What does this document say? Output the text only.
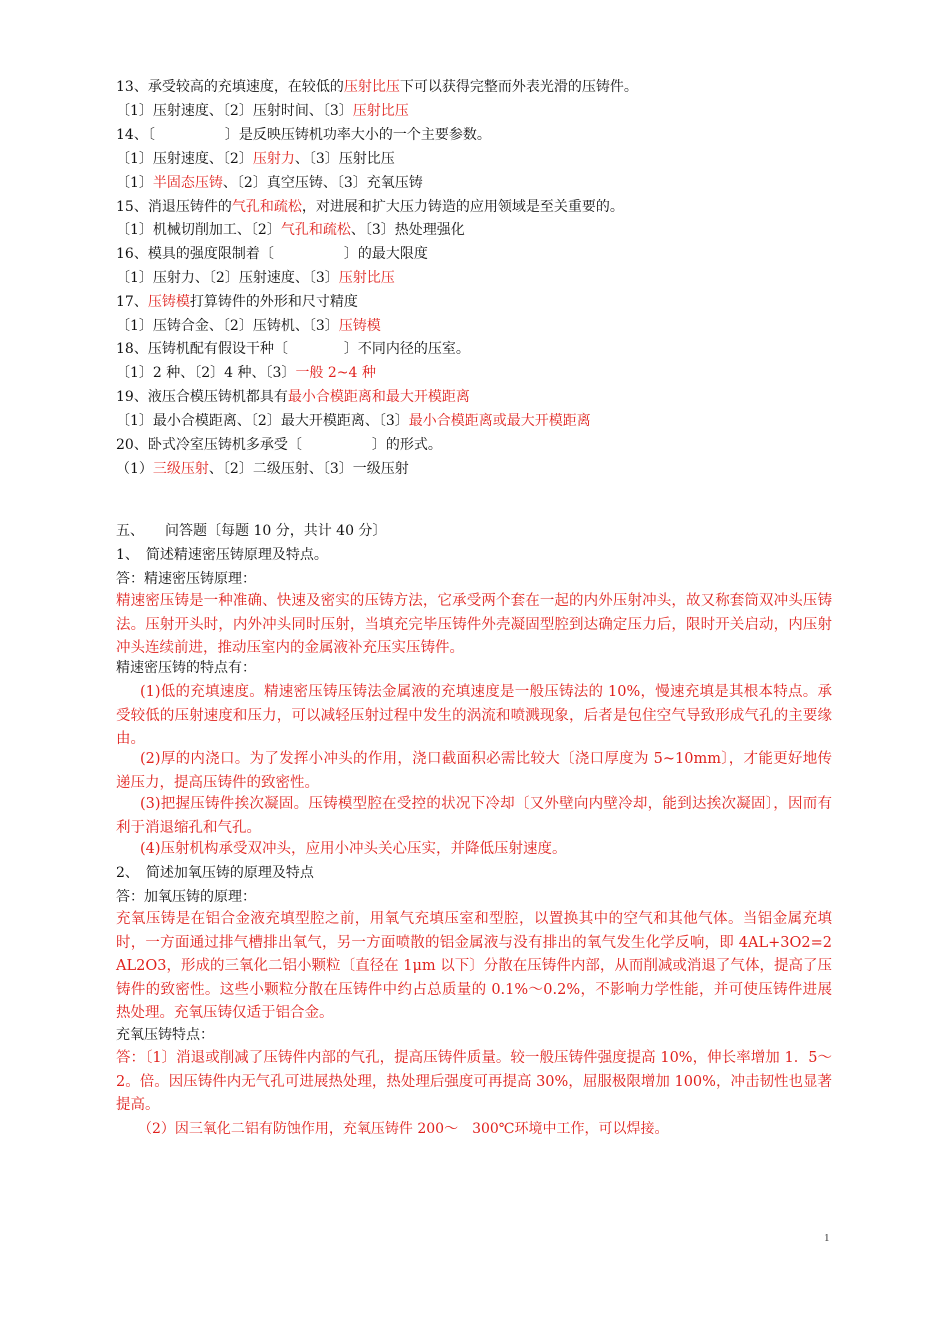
13、承受较高的充填速度，在较低的压射比压下可以获得完整而外表光滑的压铸件。
〔1〕压射速度、〔2〕压射时间、〔3〕压射比压
14、〔　　　　　〕是反映压铸机功率大小的一个主要参数。
〔1〕压射速度、〔2〕压射力、〔3〕压射比压
〔1〕半固态压铸、〔2〕真空压铸、〔3〕充氧压铸
15、消退压铸件的气孔和疏松，对进展和扩大压力铸造的应用领域是至关重要的。
〔1〕机械切削加工、〔2〕气孔和疏松、〔3〕热处理强化
16、模具的强度限制着〔　　　　　〕的最大限度
〔1〕压射力、〔2〕压射速度、〔3〕压射比压
17、压铸模打算铸件的外形和尺寸精度
〔1〕压铸合金、〔2〕压铸机、〔3〕压铸模
18、压铸机配有假设干种〔　　　　〕不同内径的压室。
〔1〕2 种、〔2〕4 种、〔3〕一般 2~4 种
19、液压合模压铸机都具有最小合模距离和最大开模距离
〔1〕最小合模距离、〔2〕最大开模距离、〔3〕最小合模距离或最大开模距离
20、卧式冷室压铸机多承受〔　　　　　〕的形式。
（1）三级压射、〔2〕二级压射、〔3〕一级压射
五、　　问答题〔每题 10 分，共计 40 分〕
1、　简述精速密压铸原理及特点。
答：精速密压铸原理：
精速密压铸是一种准确、快速及密实的压铸方法，它承受两个套在一起的内外压射冲头，故又称套筒双冲头压铸法。压射开头时，内外冲头同时压射，当填充完毕压铸件外壳凝固型腔到达确定压力后，限时开关启动，内压射冲头连续前进，推动压室内的金属液补充压实压铸件。
精速密压铸的特点有：
(1)低的充填速度。精速密压铸压铸法金属液的充填速度是一般压铸法的 10%，慢速充填是其根本特点。承受较低的压射速度和压力，可以减轻压射过程中发生的涡流和喷溅现象，后者是包住空气导致形成气孔的主要缘由。
(2)厚的内浇口。为了发挥小冲头的作用，浇口截面积必需比较大〔浇口厚度为 5~10mm〕，才能更好地传递压力，提高压铸件的致密性。
(3)把握压铸件挨次凝固。压铸模型腔在受控的状况下冷却〔又外壁向内壁冷却，能到达挨次凝固〕，因而有利于消退缩孔和气孔。
(4)压射机构承受双冲头，应用小冲头关心压实，并降低压射速度。
2、　简述加氧压铸的原理及特点
答：加氧压铸的原理：
充氧压铸是在铝合金液充填型腔之前，用氧气充填压室和型腔，以置换其中的空气和其他气体。当铝金属充填时，一方面通过排气槽排出氧气，另一方面喷散的铝金属液与没有排出的氧气发生化学反响，即 4AL+3O2=2AL2O3，形成的三氧化二铝小颗粒〔直径在 1μm 以下〕分散在压铸件内部，从而削减或消退了气体，提高了压铸件的致密性。这些小颗粒分散在压铸件中约占总质量的 0.1%～0.2%，不影响力学性能，并可使压铸件进展热处理。充氧压铸仅适于铝合金。
充氧压铸特点：
答：〔1〕消退或削减了压铸件内部的气孔，提高压铸件质量。较一般压铸件强度提高 10%，伸长率增加 1．5～2。倍。因压铸件内无气孔可进展热处理，热处理后强度可再提高 30%，屈服极限增加 100%，冲击韧性也显著提高。
（2）因三氧化二铝有防蚀作用，充氧压铸件 200～　300℃环境中工作，可以焊接。
1
